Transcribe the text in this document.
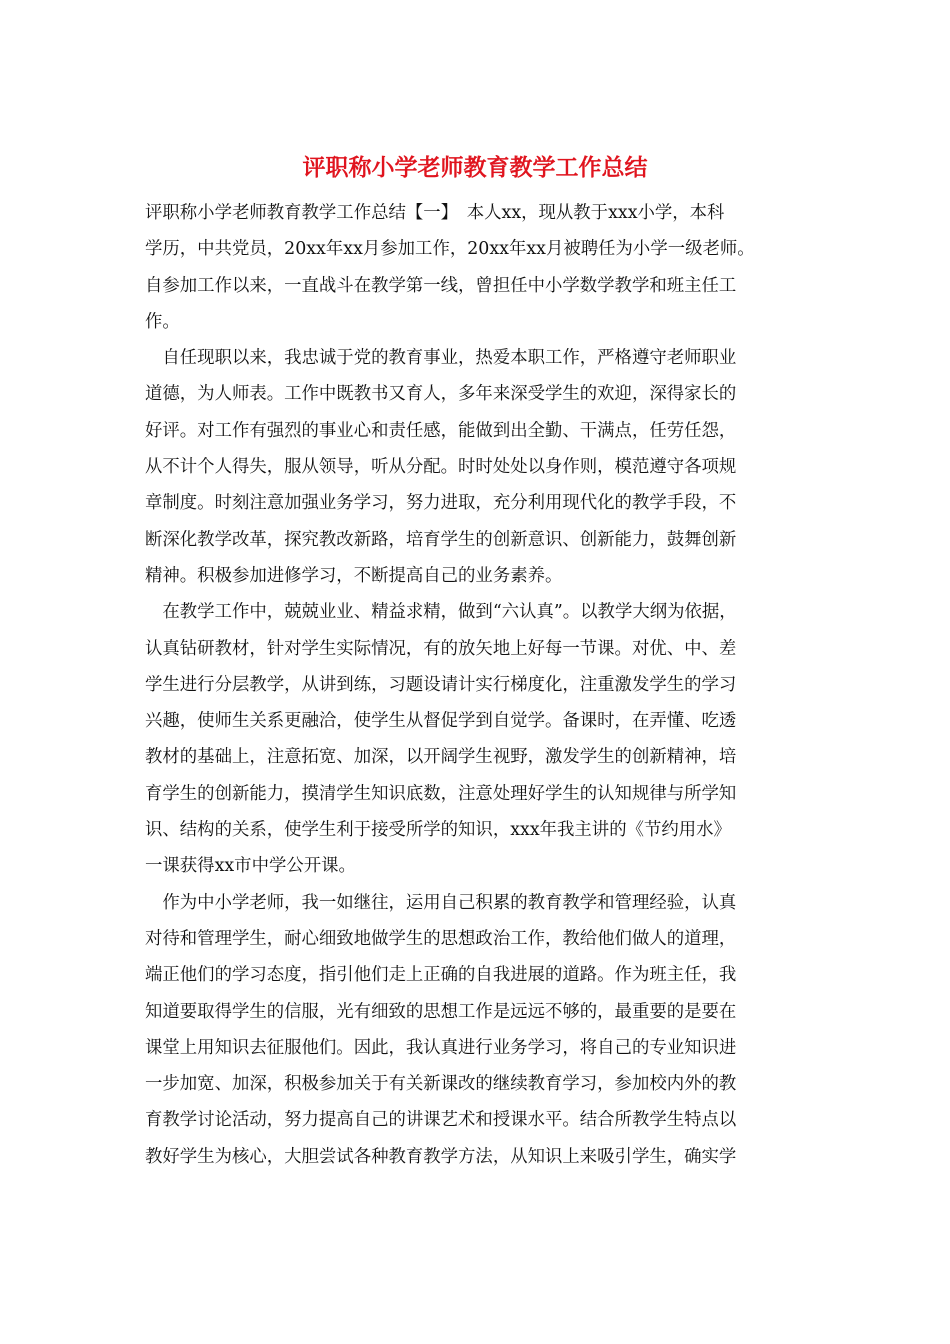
评职称小学老师教育教学工作总结
评职称小学老师教育教学工作总结【一】　本人xx，现从教于xxx小学，本科
学历，中共党员，20xx年xx月参加工作，20xx年xx月被聘任为小学一级老师。
自参加工作以来，一直战斗在教学第一线，曾担任中小学数学教学和班主任工
作。
　自任现职以来，我忠诚于党的教育事业，热爱本职工作，严格遵守老师职业
道德，为人师表。工作中既教书又育人，多年来深受学生的欢迎，深得家长的
好评。对工作有强烈的事业心和责任感，能做到出全勤、干满点，任劳任怨，
从不计个人得失，服从领导，听从分配。时时处处以身作则，模范遵守各项规
章制度。时刻注意加强业务学习，努力进取，充分利用现代化的教学手段，不
断深化教学改革，探究教改新路，培育学生的创新意识、创新能力，鼓舞创新
精神。积极参加进修学习，不断提高自己的业务素养。
　在教学工作中，兢兢业业、精益求精，做到“六认真”。以教学大纲为依据，
认真钻研教材，针对学生实际情况，有的放矢地上好每一节课。对优、中、差
学生进行分层教学，从讲到练，习题设请计实行梯度化，注重激发学生的学习
兴趣，使师生关系更融洽，使学生从督促学到自觉学。备课时，在弄懂、吃透
教材的基础上，注意拓宽、加深，以开阔学生视野，激发学生的创新精神，培
育学生的创新能力，摸清学生知识底数，注意处理好学生的认知规律与所学知
识、结构的关系，使学生利于接受所学的知识，xxx年我主讲的《节约用水》
一课获得xx市中学公开课。
　作为中小学老师，我一如继往，运用自己积累的教育教学和管理经验，认真
对待和管理学生，耐心细致地做学生的思想政治工作，教给他们做人的道理，
端正他们的学习态度，指引他们走上正确的自我进展的道路。作为班主任，我
知道要取得学生的信服，光有细致的思想工作是远远不够的，最重要的是要在
课堂上用知识去征服他们。因此，我认真进行业务学习，将自己的专业知识进
一步加宽、加深，积极参加关于有关新课改的继续教育学习，参加校内外的教
育教学讨论活动，努力提高自己的讲课艺术和授课水平。结合所教学生特点以
教好学生为核心，大胆尝试各种教育教学方法，从知识上来吸引学生，确实学
